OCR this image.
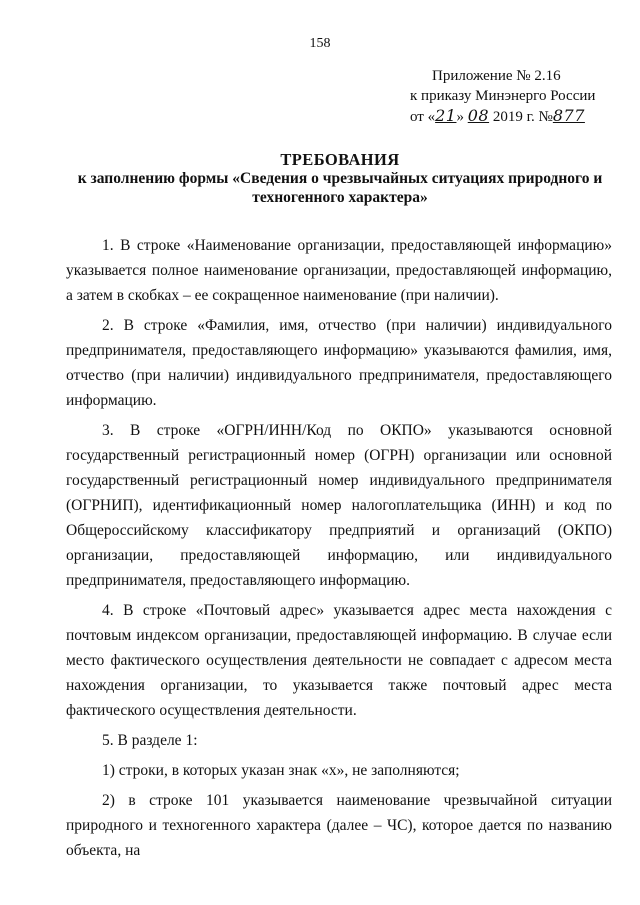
158
Приложение № 2.16
к приказу Минэнерго России
от «21» 08 2019 г. №877
ТРЕБОВАНИЯ
к заполнению формы «Сведения о чрезвычайных ситуациях природного и техногенного характера»

1. В строке «Наименование организации, предоставляющей информацию» указывается полное наименование организации, предоставляющей информацию, а затем в скобках – ее сокращенное наименование (при наличии).

2. В строке «Фамилия, имя, отчество (при наличии) индивидуального предпринимателя, предоставляющего информацию» указываются фамилия, имя, отчество (при наличии) индивидуального предпринимателя, предоставляющего информацию.

3. В строке «ОГРН/ИНН/Код по ОКПО» указываются основной государственный регистрационный номер (ОГРН) организации или основной государственный регистрационный номер индивидуального предпринимателя (ОГРНИП), идентификационный номер налогоплательщика (ИНН) и код по Общероссийскому классификатору предприятий и организаций (ОКПО) организации, предоставляющей информацию, или индивидуального предпринимателя, предоставляющего информацию.

4. В строке «Почтовый адрес» указывается адрес места нахождения с почтовым индексом организации, предоставляющей информацию. В случае если место фактического осуществления деятельности не совпадает с адресом места нахождения организации, то указывается также почтовый адрес места фактического осуществления деятельности.

5. В разделе 1:

1) строки, в которых указан знак «х», не заполняются;

2) в строке 101 указывается наименование чрезвычайной ситуации природного и техногенного характера (далее – ЧС), которое дается по названию объекта, на
